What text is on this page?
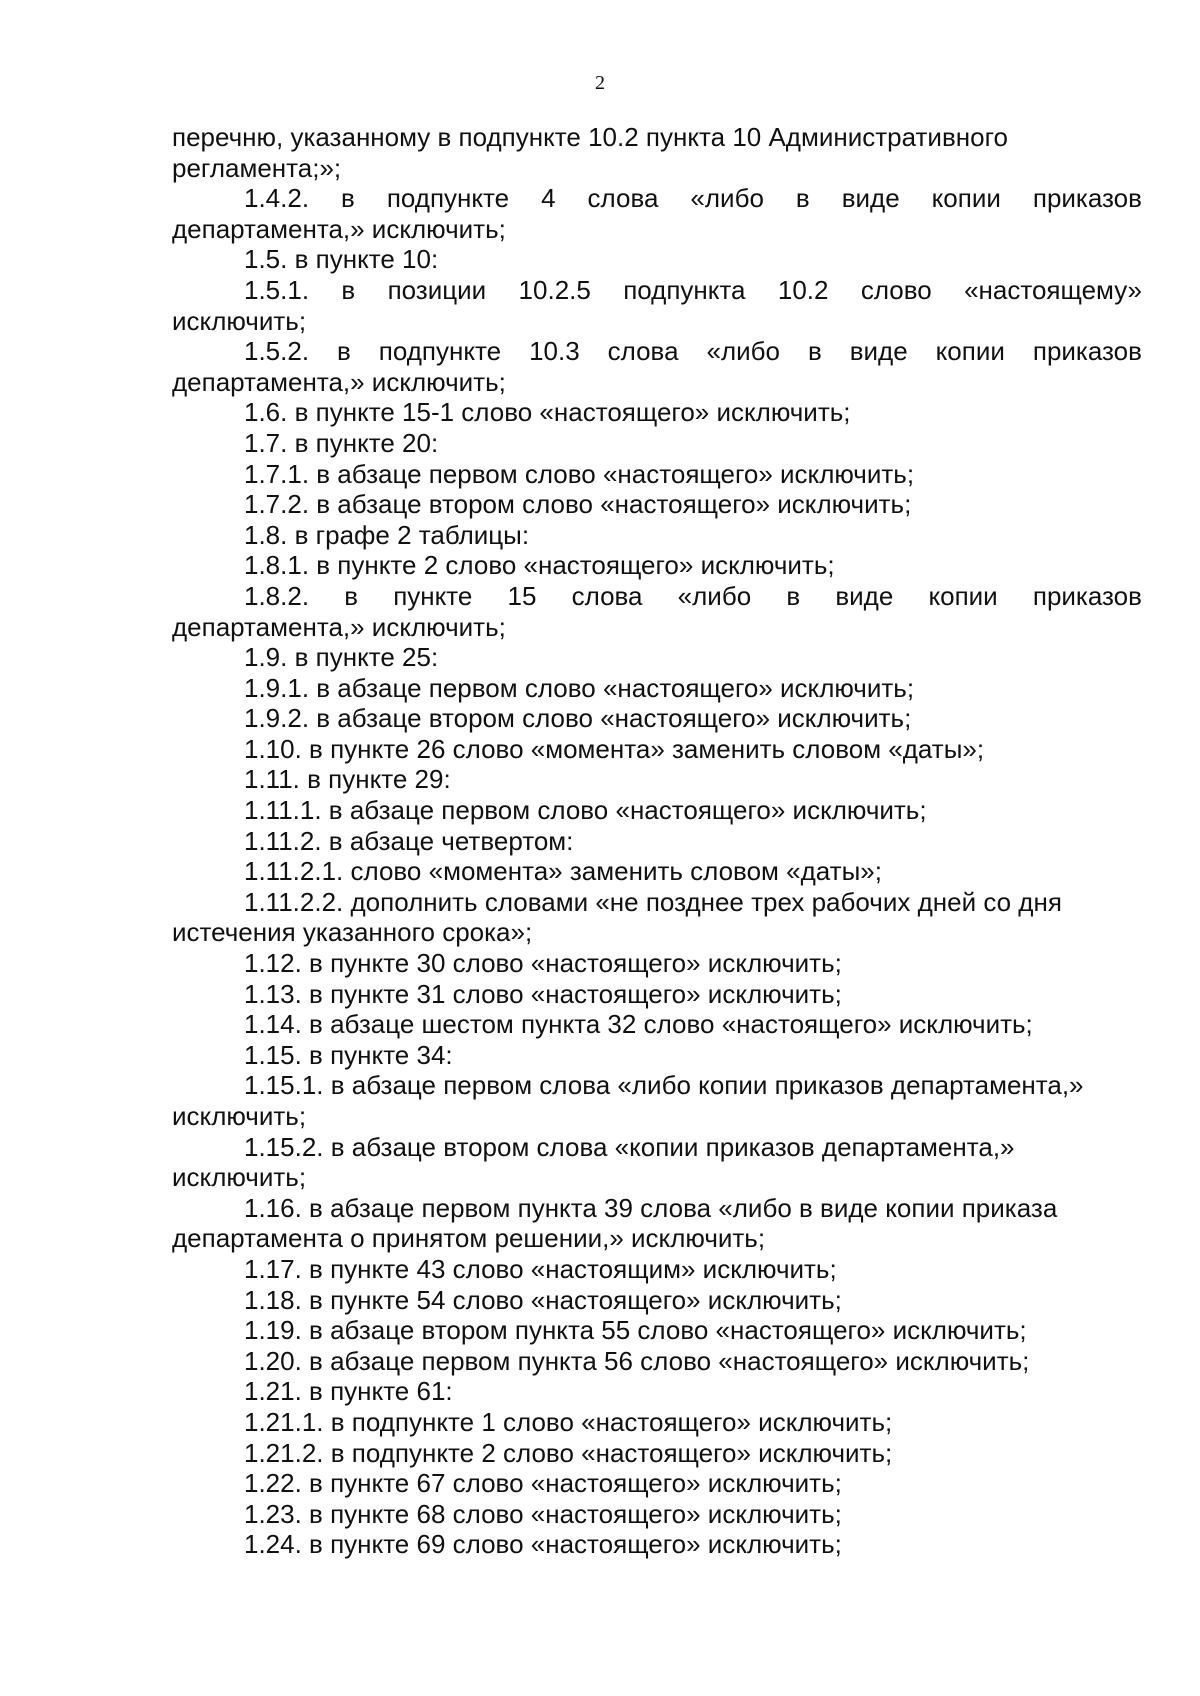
2
перечню, указанному в подпункте 10.2 пункта 10 Административного
регламента;»;
1.4.2. в подпункте 4 слова «либо в виде копии приказов
департамента,» исключить;
1.5. в пункте 10:
1.5.1. в позиции 10.2.5 подпункта 10.2 слово «настоящему»
исключить;
1.5.2. в подпункте 10.3 слова «либо в виде копии приказов
департамента,» исключить;
1.6. в пункте 15-1 слово «настоящего» исключить;
1.7. в пункте 20:
1.7.1. в абзаце первом слово «настоящего» исключить;
1.7.2. в абзаце втором слово «настоящего» исключить;
1.8. в графе 2 таблицы:
1.8.1. в пункте 2 слово «настоящего» исключить;
1.8.2. в пункте 15 слова «либо в виде копии приказов
департамента,» исключить;
1.9. в пункте 25:
1.9.1. в абзаце первом слово «настоящего» исключить;
1.9.2. в абзаце втором слово «настоящего» исключить;
1.10. в пункте 26 слово «момента» заменить словом «даты»;
1.11. в пункте 29:
1.11.1. в абзаце первом слово «настоящего» исключить;
1.11.2. в абзаце четвертом:
1.11.2.1. слово «момента» заменить словом «даты»;
1.11.2.2. дополнить словами «не позднее трех рабочих дней со дня
истечения указанного срока»;
1.12. в пункте 30 слово «настоящего» исключить;
1.13. в пункте 31 слово «настоящего» исключить;
1.14. в абзаце шестом пункта 32 слово «настоящего» исключить;
1.15. в пункте 34:
1.15.1. в абзаце первом слова «либо копии приказов департамента,»
исключить;
1.15.2. в абзаце втором слова «копии приказов департамента,»
исключить;
1.16. в абзаце первом пункта 39 слова «либо в виде копии приказа
департамента о принятом решении,» исключить;
1.17. в пункте 43 слово «настоящим» исключить;
1.18. в пункте 54 слово «настоящего» исключить;
1.19. в абзаце втором пункта 55 слово «настоящего» исключить;
1.20. в абзаце первом пункта 56 слово «настоящего» исключить;
1.21. в пункте 61:
1.21.1. в подпункте 1 слово «настоящего» исключить;
1.21.2. в подпункте 2 слово «настоящего» исключить;
1.22. в пункте 67 слово «настоящего» исключить;
1.23. в пункте 68 слово «настоящего» исключить;
1.24. в пункте 69 слово «настоящего» исключить;
